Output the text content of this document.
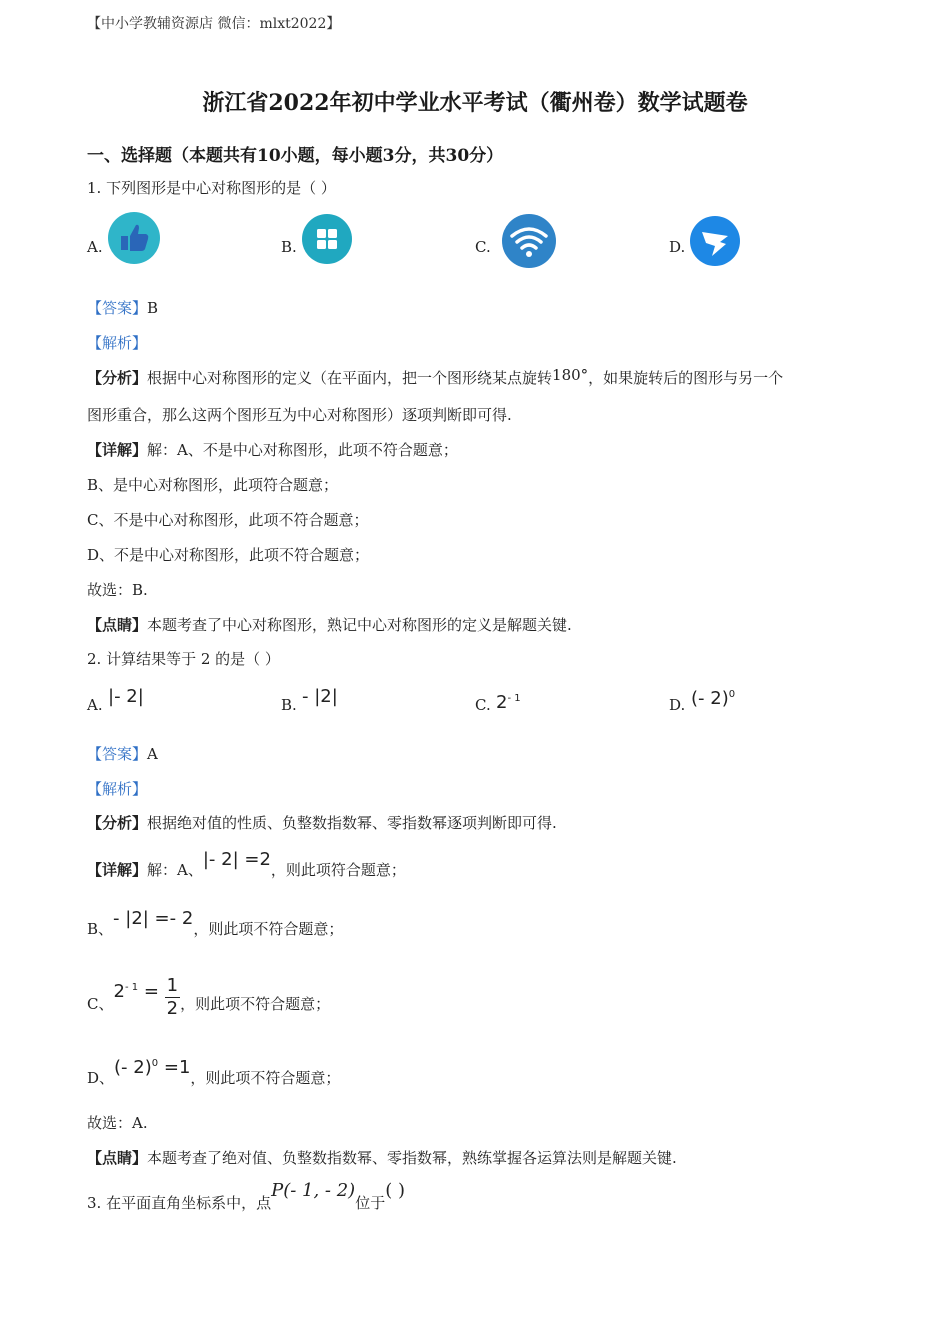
【中小学教辅资源店 微信：mlxt2022】
浙江省2022年初中学业水平考试（衢州卷）数学试题卷
一、选择题（本题共有10小题，每小题3分，共30分）
1. 下列图形是中心对称图形的是（ ）
A.	B.	C.	D.
【答案】B
【解析】
【分析】根据中心对称图形的定义（在平面内，把一个图形绕某点旋转180°，如果旋转后的图形与另一个
图形重合，那么这两个图形互为中心对称图形）逐项判断即可得.
【详解】解：A、不是中心对称图形，此项不符合题意；
B、是中心对称图形，此项符合题意；
C、不是中心对称图形，此项不符合题意；
D、不是中心对称图形，此项不符合题意；
故选：B.
【点睛】本题考查了中心对称图形，熟记中心对称图形的定义是解题关键.
2. 计算结果等于 2 的是（ ）
A. |- 2|	B. - |2|	C. $2^{- 1}$	D. (- 2)$^0$
【答案】A
【解析】
【分析】根据绝对值的性质、负整数指数幂、零指数幂逐项判断即可得.
【详解】解：A、|- 2| =2，则此项符合题意；
B、- |2| =- 2，则此项不符合题意；
C、$2^{- 1} = \frac{1}{2}$ ，则此项不符合题意；
D、(- 2)$^0$ =1，则此项不符合题意；
故选：A.
【点睛】本题考查了绝对值、负整数指数幂、零指数幂，熟练掌握各运算法则是解题关键.
3. 在平面直角坐标系中，点P(- 1, - 2)位于( )
